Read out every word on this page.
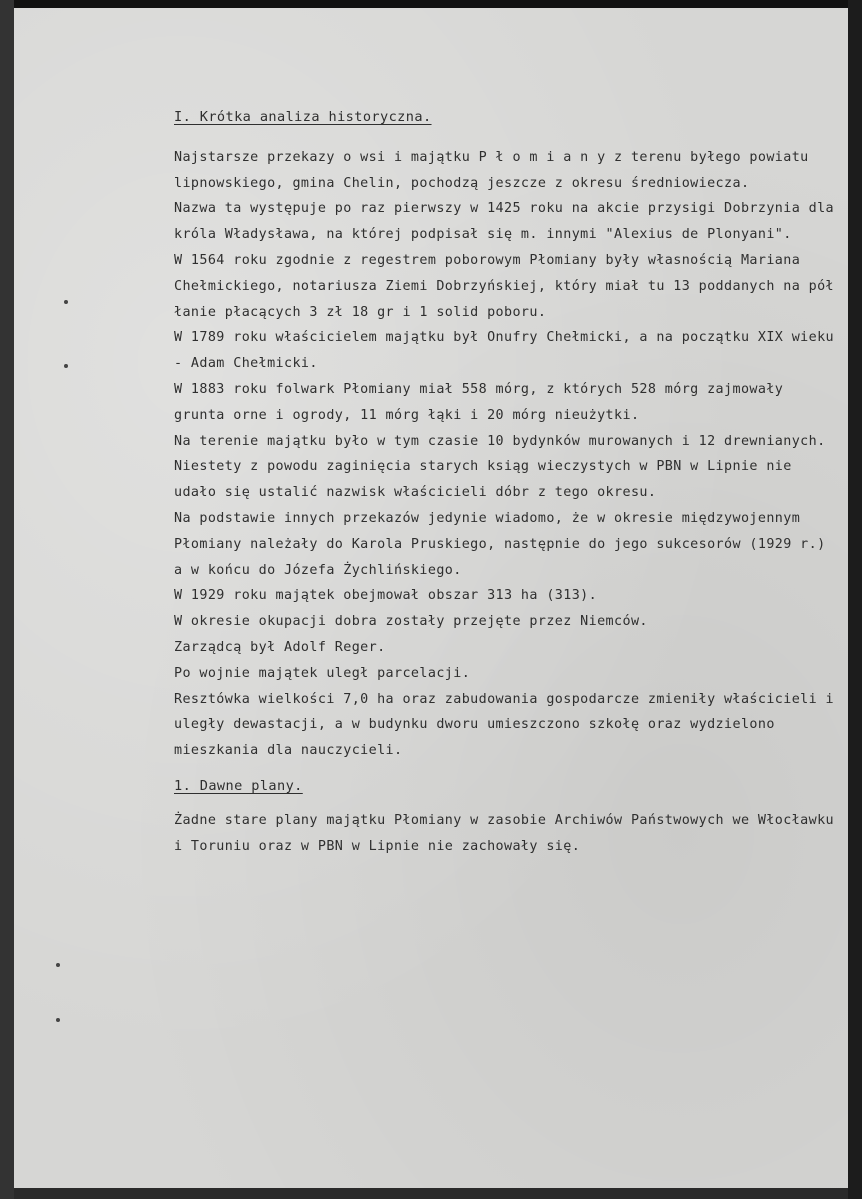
I. Krótka analiza historyczna.

Najstarsze przekazy o wsi i majątku P ł o m i a n y z terenu byłego powiatu lipnowskiego, gmina Chelin, pochodzą jeszcze z okresu średniowiecza.

Nazwa ta występuje po raz pierwszy w 1425 roku na akcie przysigi Dobrzynia dla króla Władysława, na której podpisał się m. innymi "Alexius de Plonyani".

W 1564 roku zgodnie z regestrem poborowym Płomiany były własnością Mariana Chełmickiego, notariusza Ziemi Dobrzyńskiej, który miał tu 13 poddanych na pół łanie płacących 3 zł 18 gr i 1 solid poboru.

W 1789 roku właścicielem majątku był Onufry Chełmicki, a na początku XIX wieku - Adam Chełmicki.

W 1883 roku folwark Płomiany miał 558 mórg, z których 528 mórg zajmowały grunta orne i ogrody, 11 mórg łąki i 20 mórg nieużytki.

Na terenie majątku było w tym czasie 10 bydynków murowanych i 12 drewnianych.

Niestety z powodu zaginięcia starych ksiąg wieczystych w PBN w Lipnie nie udało się ustalić nazwisk właścicieli dóbr z tego okresu.

Na podstawie innych przekazów jedynie wiadomo, że w okresie międzywojennym Płomiany należały do Karola Pruskiego, następnie do jego sukcesorów (1929 r.) a w końcu do Józefa Żychlińskiego.

W 1929 roku majątek obejmował obszar 313 ha (313).

W okresie okupacji dobra zostały przejęte przez Niemców.

Zarządcą był Adolf Reger.

Po wojnie majątek uległ parcelacji.

Resztówka wielkości 7,0 ha oraz zabudowania gospodarcze zmieniły właścicieli i uległy dewastacji, a w budynku dworu umieszczono szkołę oraz wydzielono mieszkania dla nauczycieli.

1. Dawne plany.

Żadne stare plany majątku Płomiany w zasobie Archiwów Państwowych we Włocławku i Toruniu oraz w PBN w Lipnie nie zachowały się.
